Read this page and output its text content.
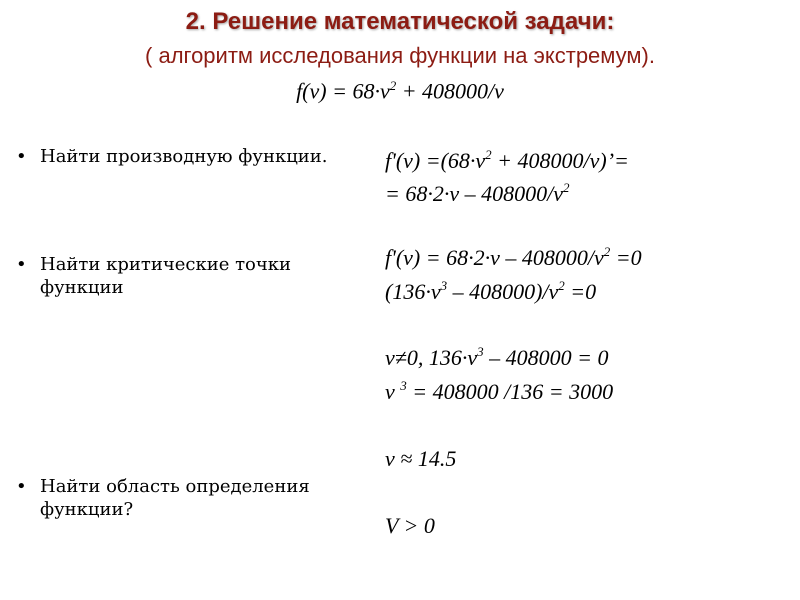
2. Решение математической задачи:
( алгоритм исследования функции на экстремум).
$f(v) = 68\cdot v^2 + 408000/v$
• Найти производную функции.
• Найти критические точки функции
• Найти область определения функции?
$f'(v) =(68\cdot v^2$ + 408000/v)’=
= $68\cdot 2\cdot v - 408000/v^2$
$f'(v) = 68\cdot 2\cdot v - 408000/v^2 =0$
$(136\cdot v^3 - 408000)/v^2 =0$
v≠0, $136\cdot v^3 - 408000 = 0$
v $^3$ = 408000 /136 = 3000
v ≈ 14.5
V > 0
